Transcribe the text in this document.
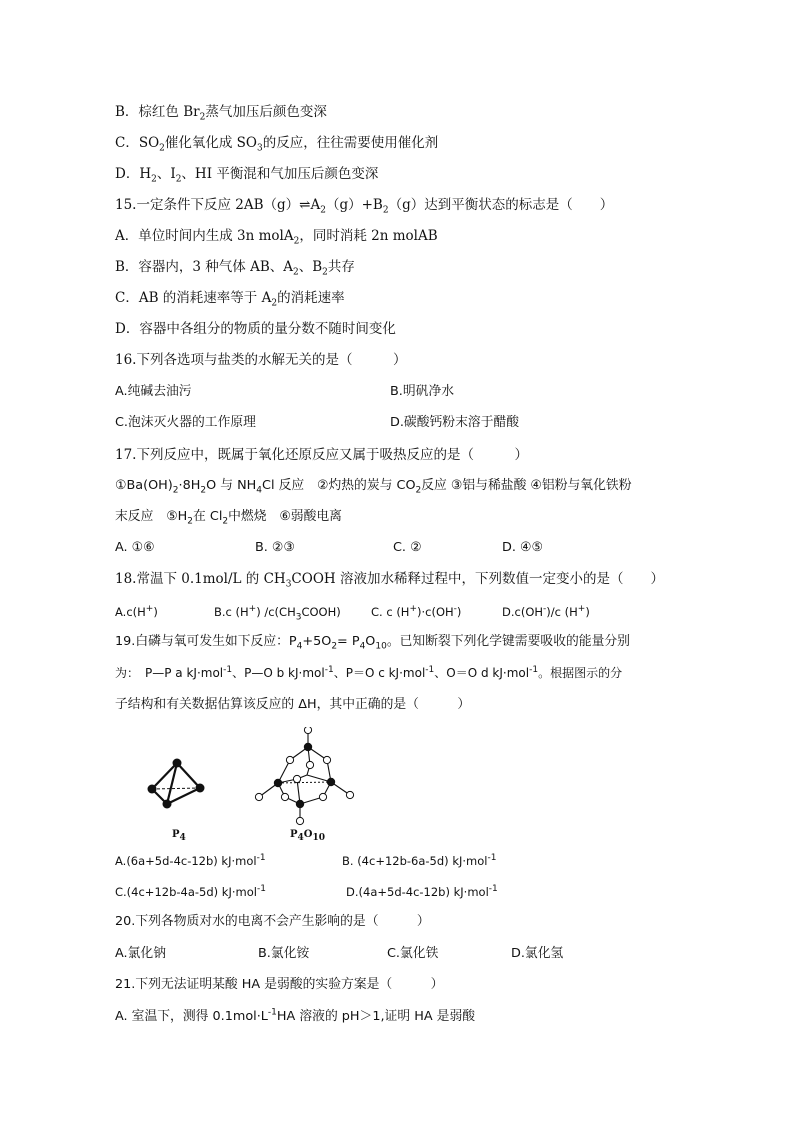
B．棕红色 $Br_2$蒸气加压后颜色变深
C．$SO_2$催化氧化成 $SO_3$的反应，往往需要使用催化剂
D．$H_2$、$I_2$、HI 平衡混和气加压后颜色变深
15.一定条件下反应 $2AB(g)\rightleftharpoons A_2(g)+B_2(g)$达到平衡状态的标志是（　　）
A．单位时间内生成 3n molA$_2$，同时消耗 2n molAB
B．容器内，3 种气体 AB、$A_2$、$B_2$共存
C．AB 的消耗速率等于 $A_2$的消耗速率
D．容器中各组分的物质的量分数不随时间变化
16.下列各选项与盐类的水解无关的是（　　　）
A.纯碱去油污	B.明矾净水
C.泡沫灭火器的工作原理	D.碳酸钙粉末溶于醋酸
17.下列反应中，既属于氧化还原反应又属于吸热反应的是（　　　）
$①Ba(OH)_2\cdot 8H_2O$ 与 $NH_4Cl$ 反应　②灼热的炭与 $CO_2$反应 ③铝与稀盐酸 ④铝粉与氧化铁粉
末反应　$⑤H_2$在 $Cl_2$中燃烧　⑥弱酸电离
A. ①⑥	B. ②③	C. ②	D. ④⑤
18.常温下 0.1mol/L 的 $CH_3COOH$ 溶液加水稀释过程中，下列数值一定变小的是（　　）
A.c(H+)	B.c (H+) $/c(CH_3COOH)$	C. c (H+)·c(OH-)	D.c(OH-)/c (H+)
19.白磷与氧可发生如下反应：$P_4+5O_2= P_4O_{10}$。已知断裂下列化学键需要吸收的能量分别
为：　P—P a kJ·mol$^{-1}$、P—O b kJ·mol$^{-1}$、P＝O c kJ·mol$^{-1}$、O＝O d kJ·mol$^{-1}$。根据图示的分
子结构和有关数据估算该反应的 ΔH，其中正确的是（　　　）
$P_4$	$P_4O_{10}$
A.(6a+5d-4c-12b) kJ·mol$^{-1}$	B. (4c+12b-6a-5d) kJ·mol$^{-1}$
C.(4c+12b-4a-5d) kJ·mol$^{-1}$	D.(4a+5d-4c-12b) kJ·mol$^{-1}$
20.下列各物质对水的电离不会产生影响的是（　　　）
A.氯化钠	B.氯化铵	C.氯化铁	D.氯化氢
21.下列无法证明某酸 HA 是弱酸的实验方案是（　　　）
A. 室温下，测得 $0.1mol\cdot L^{-1}HA$ 溶液的 pH＞1,证明 HA 是弱酸
